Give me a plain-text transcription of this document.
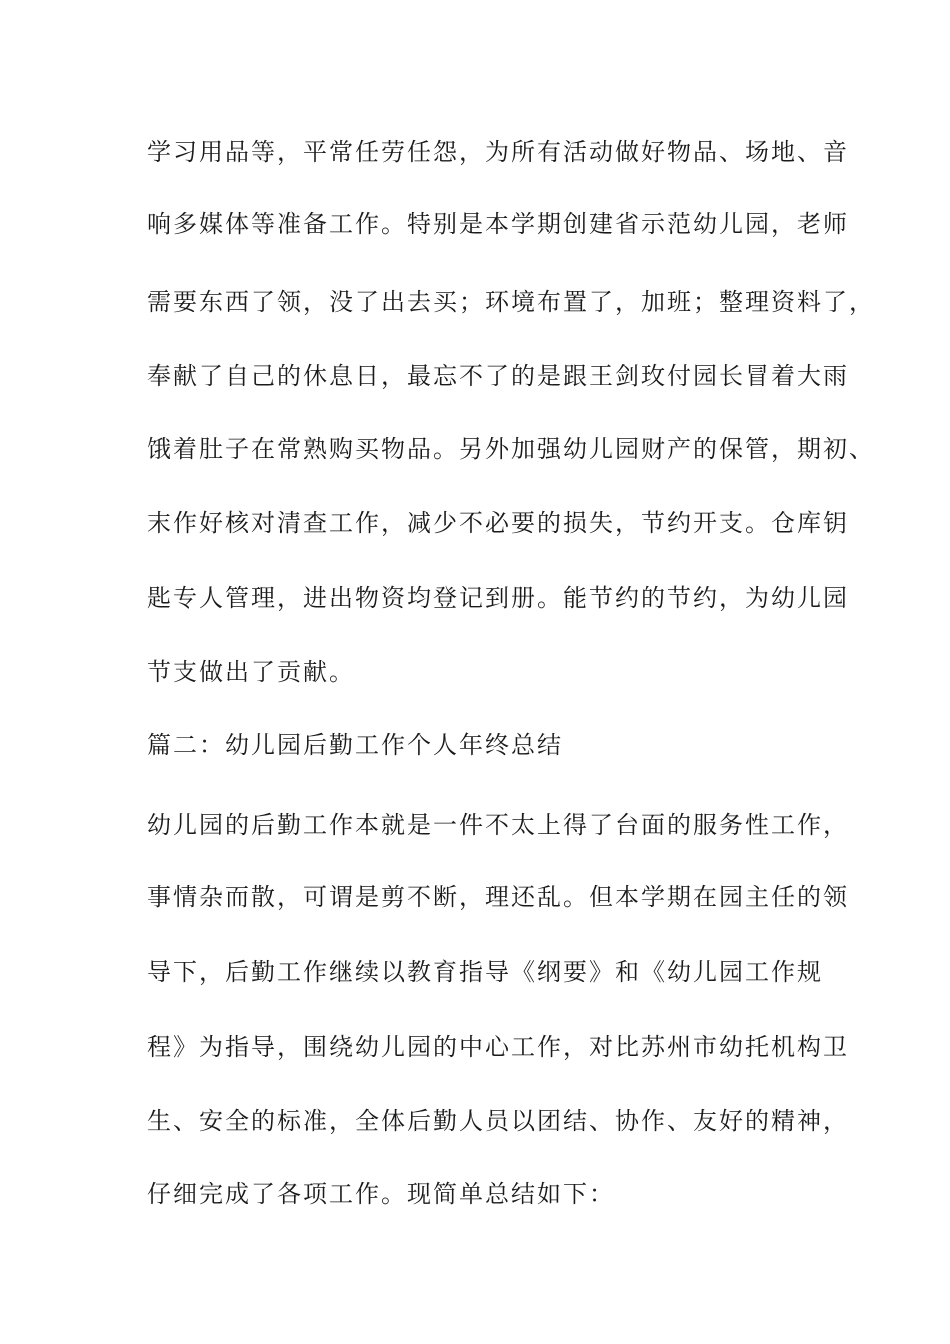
学习用品等，平常任劳任怨，为所有活动做好物品、场地、音
响多媒体等准备工作。特别是本学期创建省示范幼儿园，老师
需要东西了领，没了出去买；环境布置了，加班；整理资料了，
奉献了自己的休息日，最忘不了的是跟王剑玫付园长冒着大雨
饿着肚子在常熟购买物品。另外加强幼儿园财产的保管，期初、
末作好核对清查工作，减少不必要的损失，节约开支。仓库钥
匙专人管理，进出物资均登记到册。能节约的节约，为幼儿园
节支做出了贡献。
篇二：幼儿园后勤工作个人年终总结
幼儿园的后勤工作本就是一件不太上得了台面的服务性工作，
事情杂而散，可谓是剪不断，理还乱。但本学期在园主任的领
导下，后勤工作继续以教育指导《纲要》和《幼儿园工作规
程》为指导，围绕幼儿园的中心工作，对比苏州市幼托机构卫
生、安全的标准，全体后勤人员以团结、协作、友好的精神，
仔细完成了各项工作。现简单总结如下：
